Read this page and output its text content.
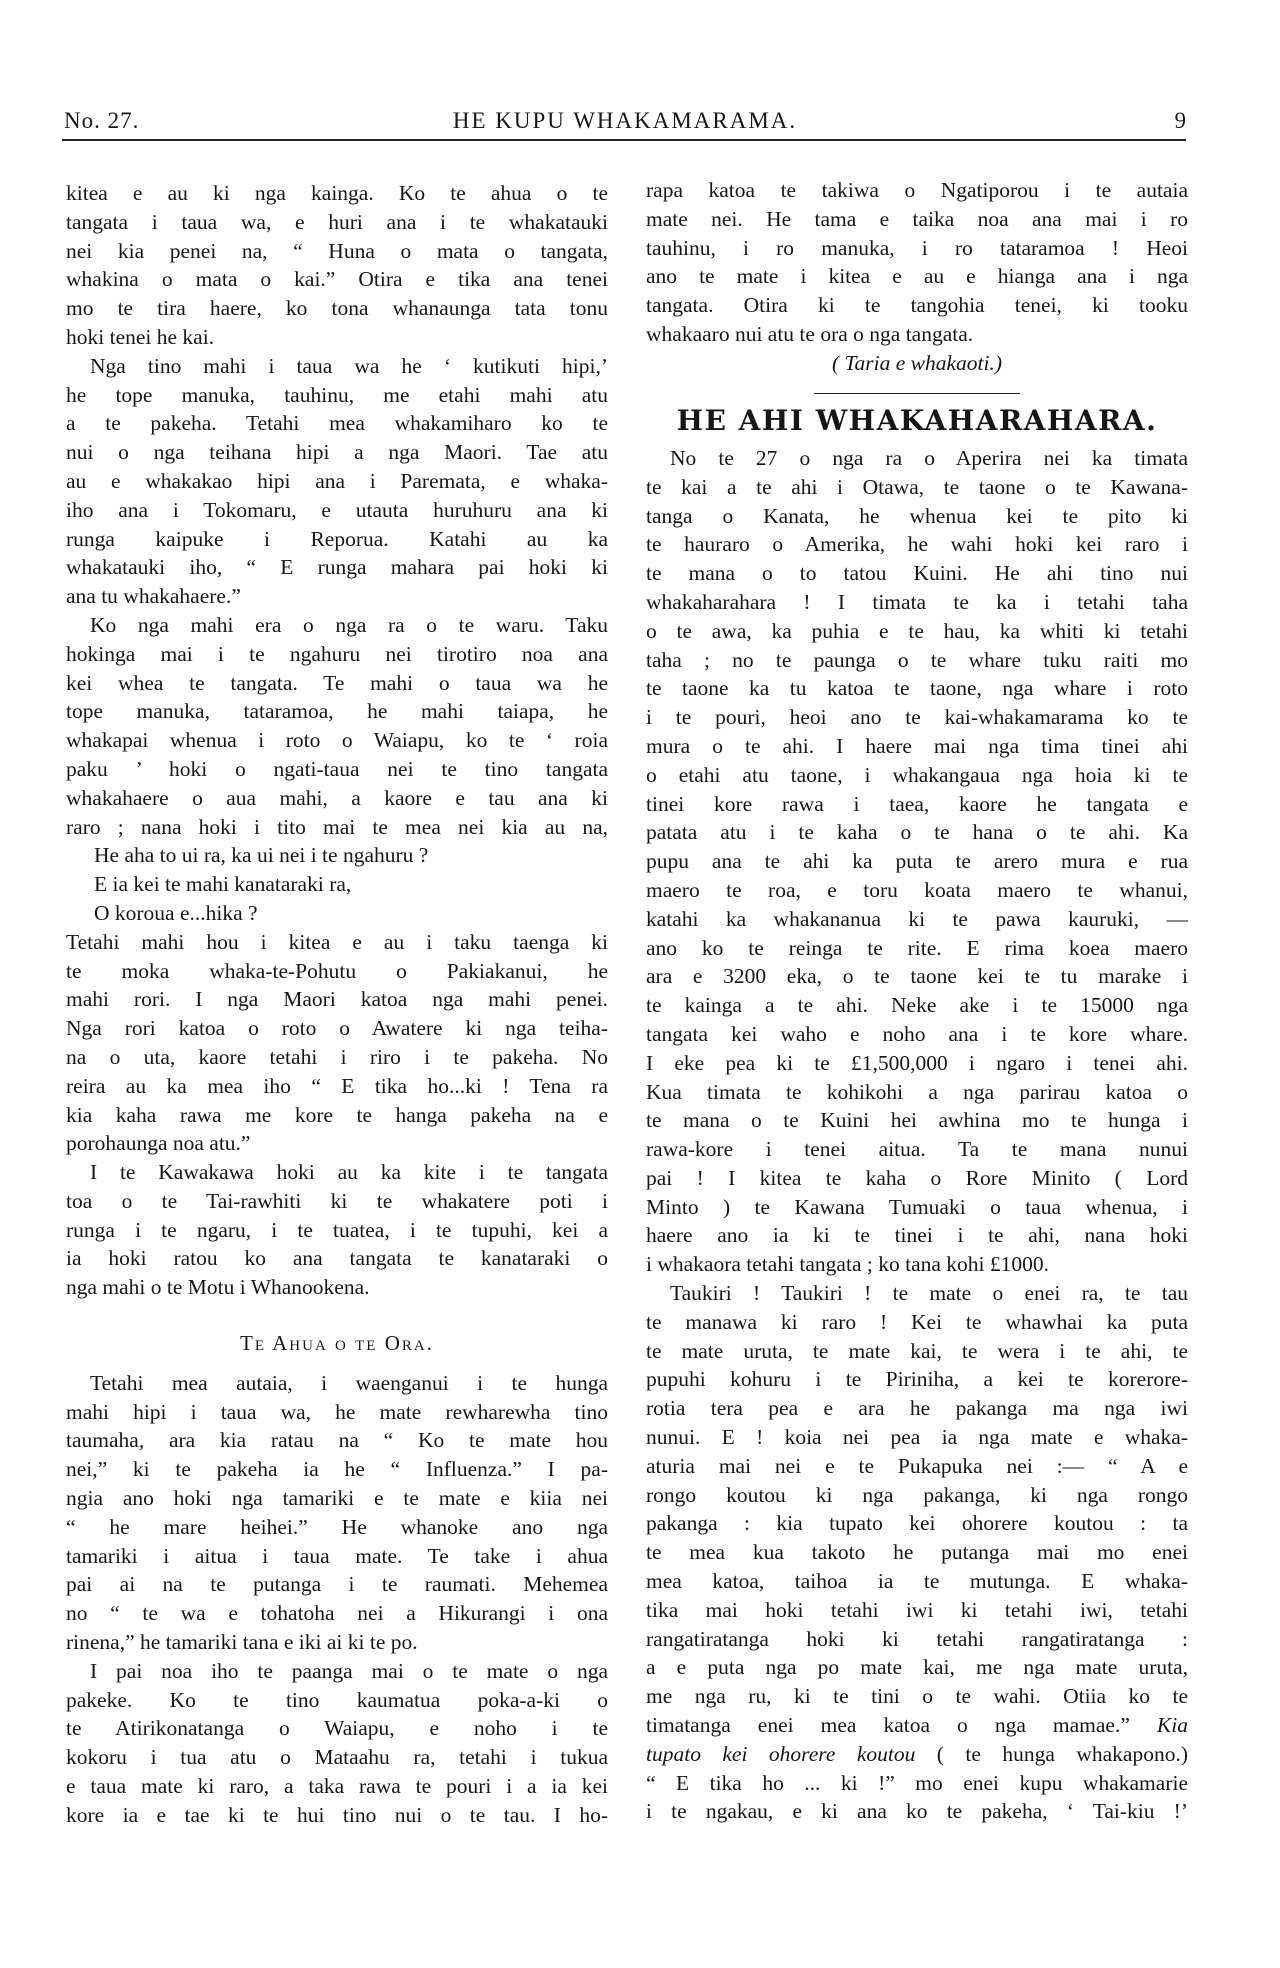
No. 27.	HE KUPU WHAKAMARAMA.	9
kitea e au ki nga kainga. Ko te ahua o te
tangata i taua wa, e huri ana i te whakatauki
nei kia penei na, “ Huna o mata o tangata,
whakina o mata o kai.” Otira e tika ana tenei
mo te tira haere, ko tona whanaunga tata tonu
hoki tenei he kai.
Nga tino mahi i taua wa he ‘ kutikuti hipi,’
he tope manuka, tauhinu, me etahi mahi atu
a te pakeha. Tetahi mea whakamiharo ko te
nui o nga teihana hipi a nga Maori. Tae atu
au e whakakao hipi ana i Paremata, e whaka-
iho ana i Tokomaru, e utauta huruhuru ana ki
runga kaipuke i Reporua. Katahi au ka
whakatauki iho, “ E runga mahara pai hoki ki
ana tu whakahaere.”
Ko nga mahi era o nga ra o te waru. Taku
hokinga mai i te ngahuru nei tirotiro noa ana
kei whea te tangata. Te mahi o taua wa he
tope manuka, tataramoa, he mahi taiapa, he
whakapai whenua i roto o Waiapu, ko te ‘ roia
paku ’ hoki o ngati-taua nei te tino tangata
whakahaere o aua mahi, a kaore e tau ana ki
raro ; nana hoki i tito mai te mea nei kia au na,
He aha to ui ra, ka ui nei i te ngahuru ?
E ia kei te mahi kanataraki ra,
O koroua e...hika ?
Tetahi mahi hou i kitea e au i taku taenga ki
te moka whaka-te-Pohutu o Pakiakanui, he
mahi rori. I nga Maori katoa nga mahi penei.
Nga rori katoa o roto o Awatere ki nga teiha-
na o uta, kaore tetahi i riro i te pakeha. No
reira au ka mea iho “ E tika ho...ki ! Tena ra
kia kaha rawa me kore te hanga pakeha na e
porohaunga noa atu.”
I te Kawakawa hoki au ka kite i te tangata
toa o te Tai-rawhiti ki te whakatere poti i
runga i te ngaru, i te tuatea, i te tupuhi, kei a
ia hoki ratou ko ana tangata te kanataraki o
nga mahi o te Motu i Whanookena.
Te Ahua o te Ora.
Tetahi mea autaia, i waenganui i te hunga
mahi hipi i taua wa, he mate rewharewha tino
taumaha, ara kia ratau na “ Ko te mate hou
nei,” ki te pakeha ia he “ Influenza.” I pa-
ngia ano hoki nga tamariki e te mate e kiia nei
“ he mare heihei.” He whanoke ano nga
tamariki i aitua i taua mate. Te take i ahua
pai ai na te putanga i te raumati. Mehemea
no “ te wa e tohatoha nei a Hikurangi i ona
rinena,” he tamariki tana e iki ai ki te po.
I pai noa iho te paanga mai o te mate o nga
pakeke. Ko te tino kaumatua poka-a-ki o
te Atirikonatanga o Waiapu, e noho i te
kokoru i tua atu o Mataahu ra, tetahi i tukua
e taua mate ki raro, a taka rawa te pouri i a ia kei
kore ia e tae ki te hui tino nui o te tau. I ho-
rapa katoa te takiwa o Ngatiporou i te autaia
mate nei. He tama e taika noa ana mai i ro
tauhinu, i ro manuka, i ro tataramoa ! Heoi
ano te mate i kitea e au e hianga ana i nga
tangata. Otira ki te tangohia tenei, ki tooku
whakaaro nui atu te ora o nga tangata.
( Taria e whakaoti.)
HE AHI WHAKAHARAHARA.
No te 27 o nga ra o Aperira nei ka timata
te kai a te ahi i Otawa, te taone o te Kawana-
tanga o Kanata, he whenua kei te pito ki
te hauraro o Amerika, he wahi hoki kei raro i
te mana o to tatou Kuini. He ahi tino nui
whakaharahara ! I timata te ka i tetahi taha
o te awa, ka puhia e te hau, ka whiti ki tetahi
taha ; no te paunga o te whare tuku raiti mo
te taone ka tu katoa te taone, nga whare i roto
i te pouri, heoi ano te kai-whakamarama ko te
mura o te ahi. I haere mai nga tima tinei ahi
o etahi atu taone, i whakangaua nga hoia ki te
tinei kore rawa i taea, kaore he tangata e
patata atu i te kaha o te hana o te ahi. Ka
pupu ana te ahi ka puta te arero mura e rua
maero te roa, e toru koata maero te whanui,
katahi ka whakananua ki te pawa kauruki, —
ano ko te reinga te rite. E rima koea maero
ara e 3200 eka, o te taone kei te tu marake i
te kainga a te ahi. Neke ake i te 15000 nga
tangata kei waho e noho ana i te kore whare.
I eke pea ki te £1,500,000 i ngaro i tenei ahi.
Kua timata te kohikohi a nga parirau katoa o
te mana o te Kuini hei awhina mo te hunga i
rawa-kore i tenei aitua. Ta te mana nunui
pai ! I kitea te kaha o Rore Minito ( Lord
Minto ) te Kawana Tumuaki o taua whenua, i
haere ano ia ki te tinei i te ahi, nana hoki
i whakaora tetahi tangata ; ko tana kohi £1000.
Taukiri ! Taukiri ! te mate o enei ra, te tau
te manawa ki raro ! Kei te whawhai ka puta
te mate uruta, te mate kai, te wera i te ahi, te
pupuhi kohuru i te Piriniha, a kei te korerore-
rotia tera pea e ara he pakanga ma nga iwi
nunui. E ! koia nei pea ia nga mate e whaka-
aturia mai nei e te Pukapuka nei :— “ A e
rongo koutou ki nga pakanga, ki nga rongo
pakanga : kia tupato kei ohorere koutou : ta
te mea kua takoto he putanga mai mo enei
mea katoa, taihoa ia te mutunga. E whaka-
tika mai hoki tetahi iwi ki tetahi iwi, tetahi
rangatiratanga hoki ki tetahi rangatiratanga :
a e puta nga po mate kai, me nga mate uruta,
me nga ru, ki te tini o te wahi. Otiia ko te
timatanga enei mea katoa o nga mamae.” Kia
tupato kei ohorere koutou ( te hunga whakapono.)
“ E tika ho ... ki !” mo enei kupu whakamarie
i te ngakau, e ki ana ko te pakeha, ‘ Tai-kiu !’
